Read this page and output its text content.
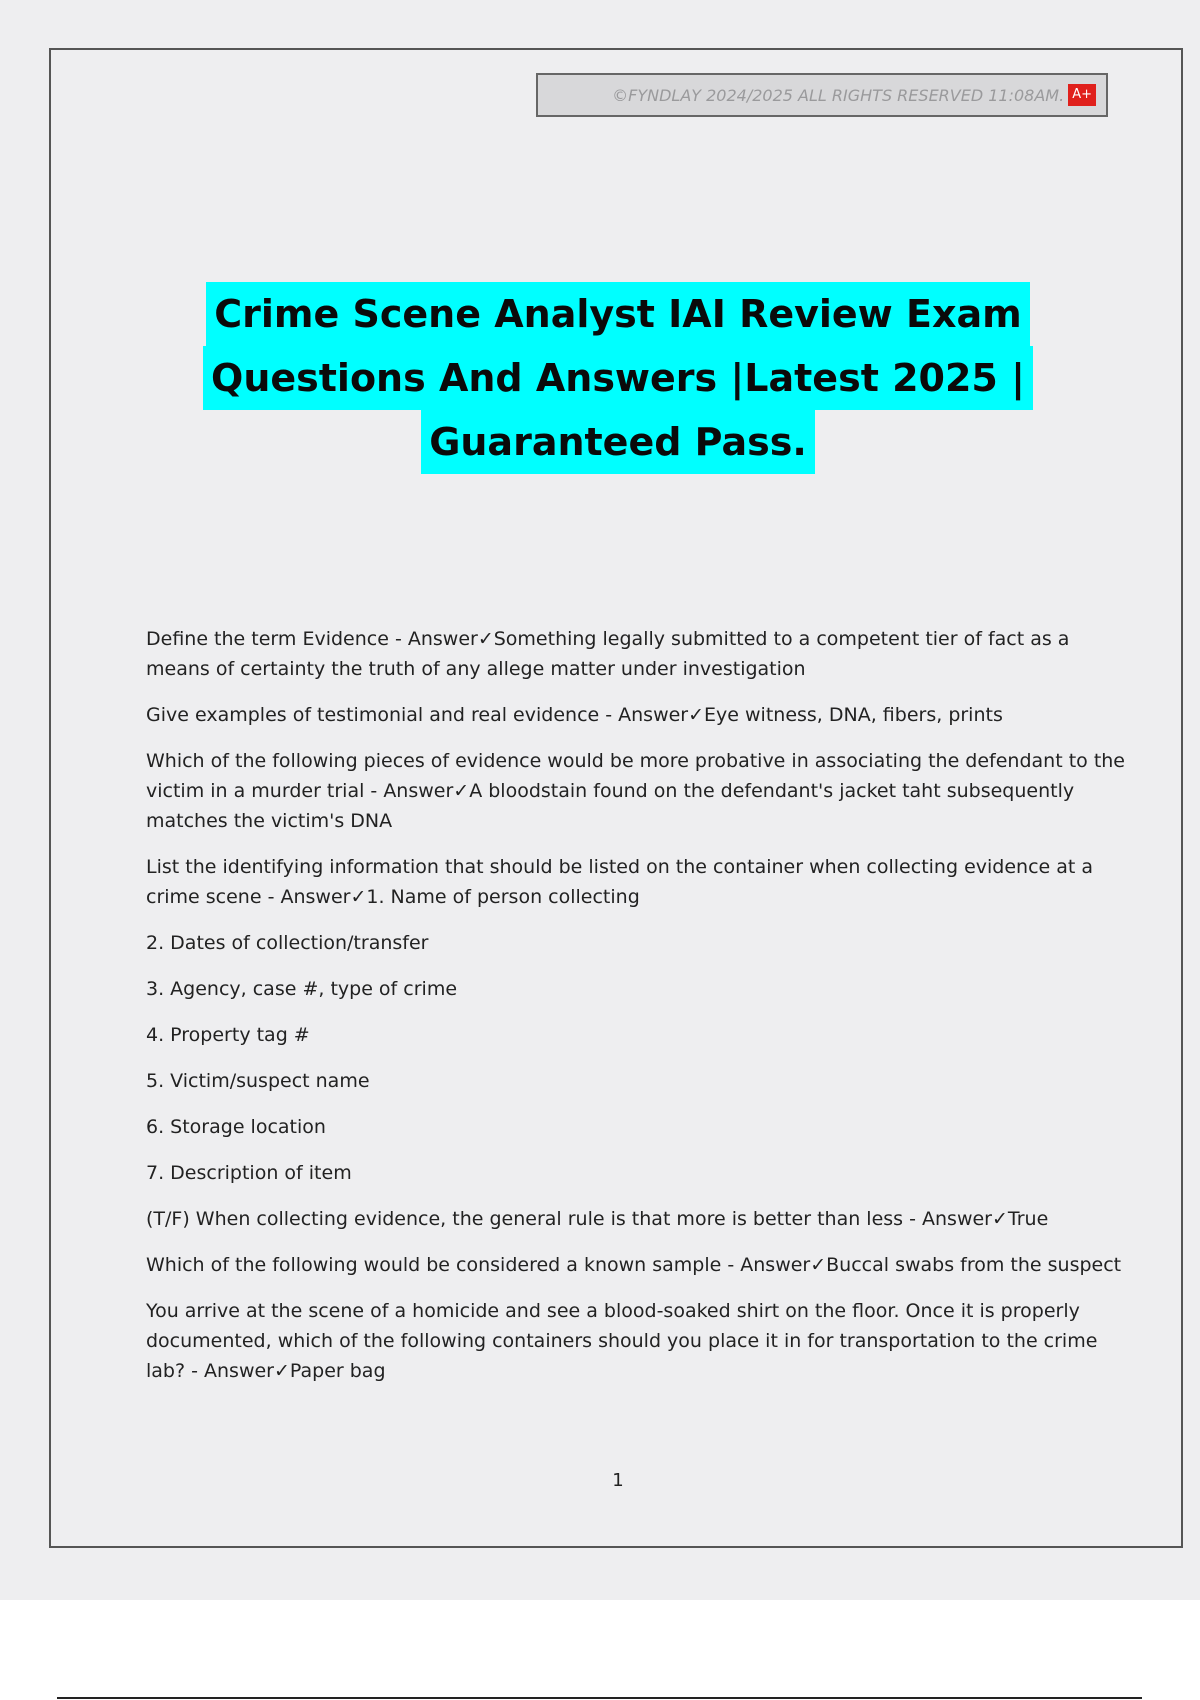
©FYNDLAY 2024/2025 ALL RIGHTS RESERVED 11:08AM. A+
Crime Scene Analyst IAI Review Exam
Questions And Answers |Latest 2025 |
Guaranteed Pass.

Define the term Evidence - Answer✓Something legally submitted to a competent tier of fact as a means of certainty the truth of any allege matter under investigation

Give examples of testimonial and real evidence - Answer✓Eye witness, DNA, fibers, prints

Which of the following pieces of evidence would be more probative in associating the defendant to the victim in a murder trial - Answer✓A bloodstain found on the defendant's jacket taht subsequently matches the victim's DNA

List the identifying information that should be listed on the container when collecting evidence at a crime scene - Answer✓1. Name of person collecting

2. Dates of collection/transfer

3. Agency, case #, type of crime

4. Property tag #

5. Victim/suspect name

6. Storage location

7. Description of item

(T/F) When collecting evidence, the general rule is that more is better than less - Answer✓True

Which of the following would be considered a known sample - Answer✓Buccal swabs from the suspect

You arrive at the scene of a homicide and see a blood-soaked shirt on the floor. Once it is properly documented, which of the following containers should you place it in for transportation to the crime lab? - Answer✓Paper bag

1
